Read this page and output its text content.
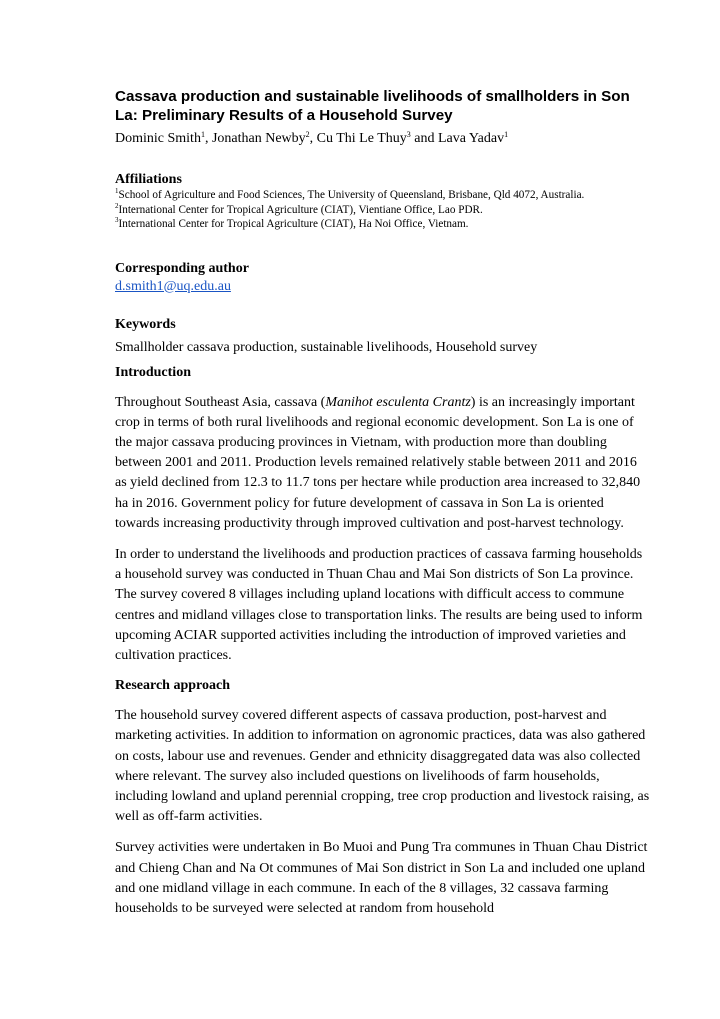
Cassava production and sustainable livelihoods of smallholders in Son La: Preliminary Results of a Household Survey
Dominic Smith$^1$, Jonathan Newby$^2$, Cu Thi Le Thuy$^3$ and Lava Yadav$^1$
Affiliations
$^1$School of Agriculture and Food Sciences, The University of Queensland, Brisbane, Qld 4072, Australia.
$^2$International Center for Tropical Agriculture (CIAT), Vientiane Office, Lao PDR.
$^3$International Center for Tropical Agriculture (CIAT), Ha Noi Office, Vietnam.
Corresponding author
d.smith1@uq.edu.au
Keywords
Smallholder cassava production, sustainable livelihoods, Household survey
Introduction

Throughout Southeast Asia, cassava (Manihot esculenta Crantz) is an increasingly important crop in terms of both rural livelihoods and regional economic development. Son La is one of the major cassava producing provinces in Vietnam, with production more than doubling between 2001 and 2011. Production levels remained relatively stable between 2011 and 2016 as yield declined from 12.3 to 11.7 tons per hectare while production area increased to 32,840 ha in 2016. Government policy for future development of cassava in Son La is oriented towards increasing productivity through improved cultivation and post-harvest technology.

In order to understand the livelihoods and production practices of cassava farming households a household survey was conducted in Thuan Chau and Mai Son districts of Son La province. The survey covered 8 villages including upland locations with difficult access to commune centres and midland villages close to transportation links. The results are being used to inform upcoming ACIAR supported activities including the introduction of improved varieties and cultivation practices.

Research approach

The household survey covered different aspects of cassava production, post-harvest and marketing activities. In addition to information on agronomic practices, data was also gathered on costs, labour use and revenues. Gender and ethnicity disaggregated data was also collected where relevant. The survey also included questions on livelihoods of farm households, including lowland and upland perennial cropping, tree crop production and livestock raising, as well as off-farm activities.

Survey activities were undertaken in Bo Muoi and Pung Tra communes in Thuan Chau District and Chieng Chan and Na Ot communes of Mai Son district in Son La and included one upland and one midland village in each commune. In each of the 8 villages, 32 cassava farming households to be surveyed were selected at random from household
